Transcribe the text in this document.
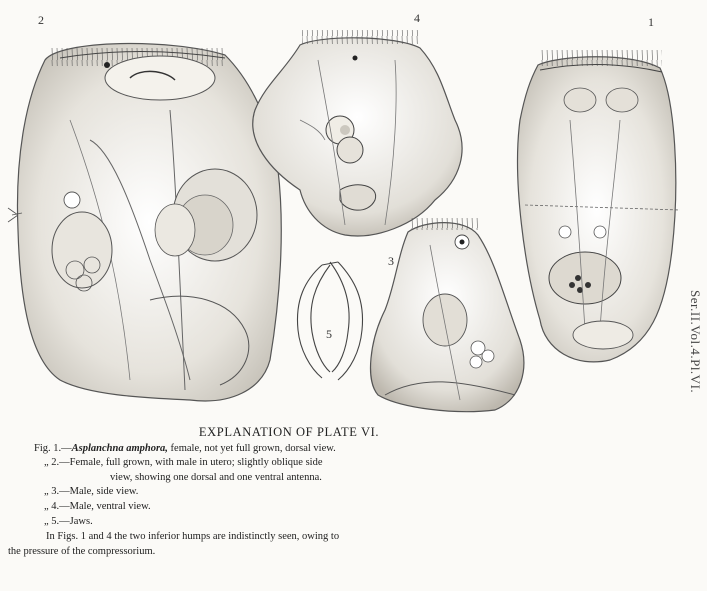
2	4	1
3
5	Ser.II.Vol.4.Pl.VI.
EXPLANATION OF PLATE VI.
Fig. 1.—Asplanchna amphora, female, not yet full grown, dorsal view.
„ 2.—Female, full grown, with male in utero; slightly oblique side
view, showing one dorsal and one ventral antenna.
„ 3.—Male, side view.
„ 4.—Male, ventral view.
„ 5.—Jaws.
In Figs. 1 and 4 the two inferior humps are indistinctly seen, owing to
the pressure of the compressorium.
